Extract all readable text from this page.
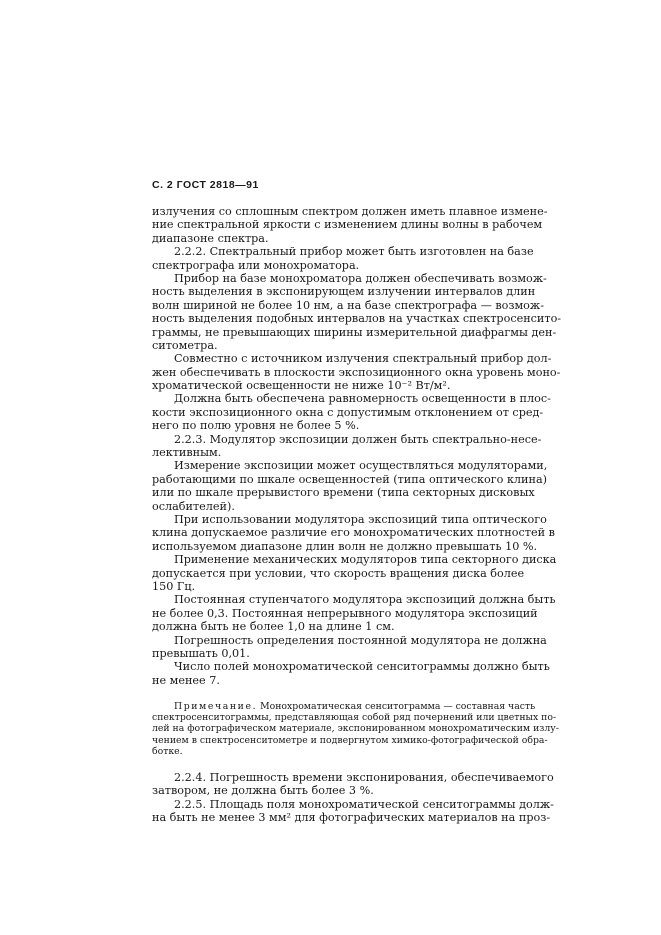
С. 2 ГОСТ 2818—91
излучения со сплошным спектром должен иметь плавное измене-
ние спектральной яркости с изменением длины волны в рабочем
диапазоне спектра.
2.2.2. Спектральный прибор может быть изготовлен на базе
спектрографа или монохроматора.
Прибор на базе монохроматора должен обеспечивать возмож-
ность выделения в экспонирующем излучении интервалов длин
волн шириной не более 10 нм, а на базе спектрографа — возмож-
ность выделения подобных интервалов на участках спектросенсито-
граммы, не превышающих ширины измерительной диафрагмы ден-
ситометра.
Совместно с источником излучения спектральный прибор дол-
жен обеспечивать в плоскости экспозиционного окна уровень моно-
хроматической освещенности не ниже 10⁻² Вт/м².
Должна быть обеспечена равномерность освещенности в плос-
кости экспозиционного окна с допустимым отклонением от сред-
него по полю уровня не более 5 %.
2.2.3. Модулятор экспозиции должен быть спектрально-несе-
лективным.
Измерение экспозиции может осуществляться модуляторами,
работающими по шкале освещенностей (типа оптического клина)
или по шкале прерывистого времени (типа секторных дисковых
ослабителей).
При использовании модулятора экспозиций типа оптического
клина допускаемое различие его монохроматических плотностей в
используемом диапазоне длин волн не должно превышать 10 %.
Применение механических модуляторов типа секторного диска
допускается при условии, что скорость вращения диска более
150 Гц.
Постоянная ступенчатого модулятора экспозиций должна быть
не более 0,3. Постоянная непрерывного модулятора экспозиций
должна быть не более 1,0 на длине 1 см.
Погрешность определения постоянной модулятора не должна
превышать 0,01.
Число полей монохроматической сенситограммы должно быть
не менее 7.
Примечание. Монохроматическая сенситограмма — составная часть
спектросенситограммы, представляющая собой ряд почернений или цветных по-
лей на фотографическом материале, экспонированном монохроматическим излу-
чением в спектросенситометре и подвергнутом химико-фотографической обра-
ботке.
2.2.4. Погрешность времени экспонирования, обеспечиваемого
затвором, не должна быть более 3 %.
2.2.5. Площадь поля монохроматической сенситограммы долж-
на быть не менее 3 мм² для фотографических материалов на проз-
